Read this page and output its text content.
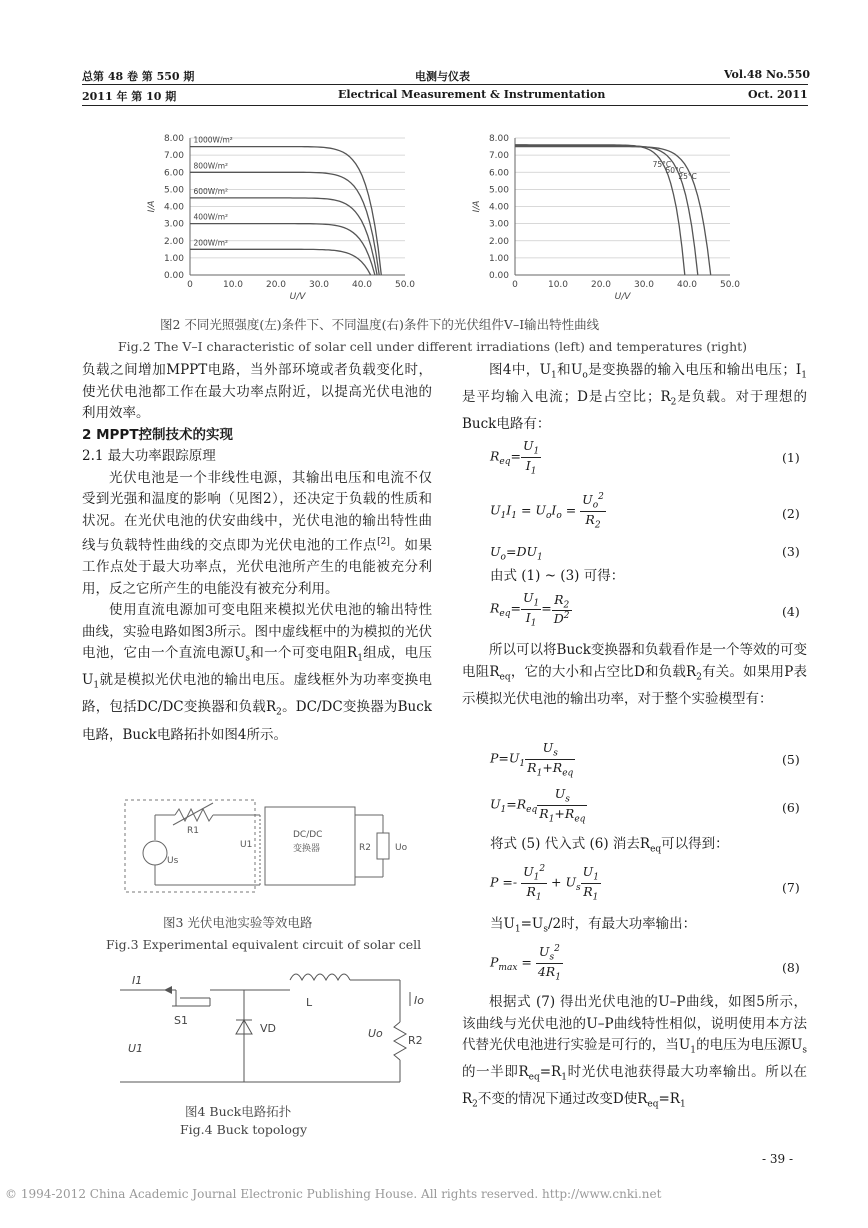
总第 48 卷 第 550 期
2011 年 第 10 期
电测与仪表
Electrical Measurement & Instrumentation
Vol.48 No.550
Oct. 2011
0.00
1.00
2.00
3.00
4.00
5.00
6.00
7.00
8.00
0	10.0	20.0	30.0	40.0	50.0
U/V
I/A
1000W/m²
800W/m²
600W/m²
400W/m²
200W/m²
0.00
1.00
2.00
3.00
4.00
5.00
6.00
7.00
8.00
0	10.0	20.0	30.0	40.0	50.0
U/V
I/A
75°C
50°C
25°C
图2 不同光照强度(左)条件下、不同温度(右)条件下的光伏组件V–I输出特性曲线
Fig.2 The V–I characteristic of solar cell under different irradiations (left) and temperatures (right)

负载之间增加MPPT电路，当外部环境或者负载变化时，使光伏电池都工作在最大功率点附近，以提高光伏电池的利用效率。

2 MPPT控制技术的实现

2.1 最大功率跟踪原理

光伏电池是一个非线性电源，其输出电压和电流不仅受到光强和温度的影响（见图2），还决定于负载的性质和状况。在光伏电池的伏安曲线中，光伏电池的输出特性曲线与负载特性曲线的交点即为光伏电池的工作点[2]。如果工作点处于最大功率点，光伏电池所产生的电能被充分利用，反之它所产生的电能没有被充分利用。

使用直流电源加可变电阻来模拟光伏电池的输出特性曲线，实验电路如图3所示。图中虚线框中的为模拟的光伏电池，它由一个直流电源$U_s$和一个可变电阻$R_1$组成，电压$U_1$就是模拟光伏电池的输出电压。虚线框外为功率变换电路，包括DC/DC变换器和负载$R_2$。DC/DC变换器为Buck电路，Buck电路拓扑如图4所示。

R1
Us
U1
DC/DC
变换器	R2	Uo
图3 光伏电池实验等效电路
Fig.3 Experimental equivalent circuit of solar cell
I1
S1
L
VD
U1
Uo
Io
R2
图4 Buck电路拓扑
Fig.4 Buck topology

图4中，$U_1$和$U_o$是变换器的输入电压和输出电压；$I_1$是平均输入电流；D是占空比；$R_2$是负载。对于理想的Buck电路有：

$R_{eq}= \frac{U_1}{I_1}$	(1)
$U_1I_1 = U_oI_o = \frac{U_o^2}{R_2}$	(2)
$U_o=DU_1$	(3)

由式 (1) ~ (3) 可得：

$R_{eq}= \frac{U_1}{I_1} = \frac{R_2}{D^2}$	(4)

所以可以将Buck变换器和负载看作是一个等效的可变电阻$R_{eq}$，它的大小和占空比D和负载$R_2$有关。如果用P表示模拟光伏电池的输出功率，对于整个实验模型有：

$P=U_1 \frac{U_s}{R_1+R_{eq}}$	(5)
$U_1=R_{eq} \frac{U_s}{R_1+R_{eq}}$	(6)

将式 (5) 代入式 (6) 消去$R_{eq}$可以得到：

$P =- \frac{U_1^2}{R_1} + U_s \frac{U_1}{R_1}$	(7)

当$U_1=U_s/2$时，有最大功率输出：

$P_{max} = \frac{U_s^2}{4R_1}$	(8)

根据式 (7) 得出光伏电池的U–P曲线，如图5所示，该曲线与光伏电池的U–P曲线特性相似，说明使用本方法代替光伏电池进行实验是可行的，当$U_1$的电压为电压源$U_s$的一半即$R_{eq}=R_1$时光伏电池获得最大功率输出。所以在$R_2$不变的情况下通过改变D使$R_{eq}=R_1$

- 39 -
© 1994-2012 China Academic Journal Electronic Publishing House. All rights reserved. http://www.cnki.net
